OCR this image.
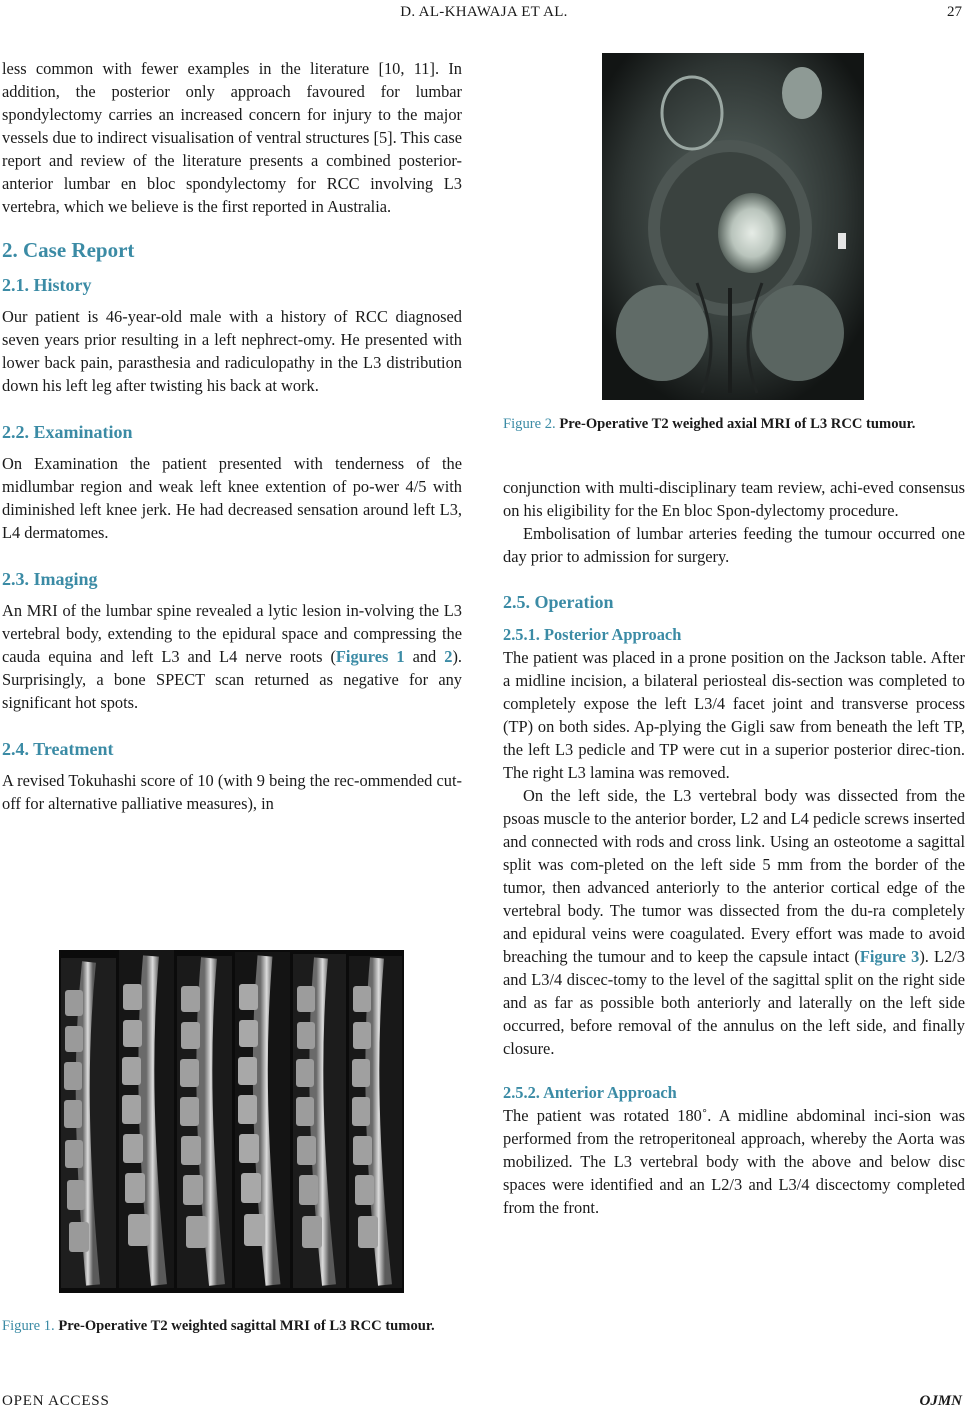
D. AL-KHAWAJA ET AL.	27

less common with fewer examples in the literature [10, 11]. In addition, the posterior only approach favoured for lumbar spondylectomy carries an increased concern for injury to the major vessels due to indirect visualisation of ventral structures [5]. This case report and review of the literature presents a combined posterior-anterior lumbar en bloc spondylectomy for RCC involving L3 vertebra, which we believe is the first reported in Australia.

2. Case Report
2.1. History

Our patient is 46-year-old male with a history of RCC diagnosed seven years prior resulting in a left nephrect-omy. He presented with lower back pain, parasthesia and radiculopathy in the L3 distribution down his left leg after twisting his back at work.

2.2. Examination

On Examination the patient presented with tenderness of the midlumbar region and weak left knee extention of po-wer 4/5 with diminished left knee jerk. He had decreased sensation around left L3, L4 dermatomes.

2.3. Imaging

An MRI of the lumbar spine revealed a lytic lesion in-volving the L3 vertebral body, extending to the epidural space and compressing the cauda equina and left L3 and L4 nerve roots (Figures 1 and 2). Surprisingly, a bone SPECT scan returned as negative for any significant hot spots.

2.4. Treatment

A revised Tokuhashi score of 10 (with 9 being the rec-ommended cut-off for alternative palliative measures), in

Figure 1. Pre-Operative T2 weighted sagittal MRI of L3 RCC tumour.
Figure 2. Pre-Operative T2 weighed axial MRI of L3 RCC tumour.

conjunction with multi-disciplinary team review, achi-eved consensus on his eligibility for the En bloc Spon-dylectomy procedure.

Embolisation of lumbar arteries feeding the tumour occurred one day prior to admission for surgery.

2.5. Operation
2.5.1. Posterior Approach

The patient was placed in a prone position on the Jackson table. After a midline incision, a bilateral periosteal dis-section was completed to completely expose the left L3/4 facet joint and transverse process (TP) on both sides. Ap-plying the Gigli saw from beneath the left TP, the left L3 pedicle and TP were cut in a superior posterior direc-tion. The right L3 lamina was removed.

On the left side, the L3 vertebral body was dissected from the psoas muscle to the anterior border, L2 and L4 pedicle screws inserted and connected with rods and cross link. Using an osteotome a sagittal split was com-pleted on the left side 5 mm from the border of the tumor, then advanced anteriorly to the anterior cortical edge of the vertebral body. The tumor was dissected from the du-ra completely and epidural veins were coagulated. Every effort was made to avoid breaching the tumour and to keep the capsule intact (Figure 3). L2/3 and L3/4 discec-tomy to the level of the sagittal split on the right side and as far as possible both anteriorly and laterally on the left side occurred, before removal of the annulus on the left side, and finally closure.

2.5.2. Anterior Approach

The patient was rotated 180˚. A midline abdominal inci-sion was performed from the retroperitoneal approach, whereby the Aorta was mobilized. The L3 vertebral body with the above and below disc spaces were identified and an L2/3 and L3/4 discectomy completed from the front.

OPEN ACCESS	OJMN
